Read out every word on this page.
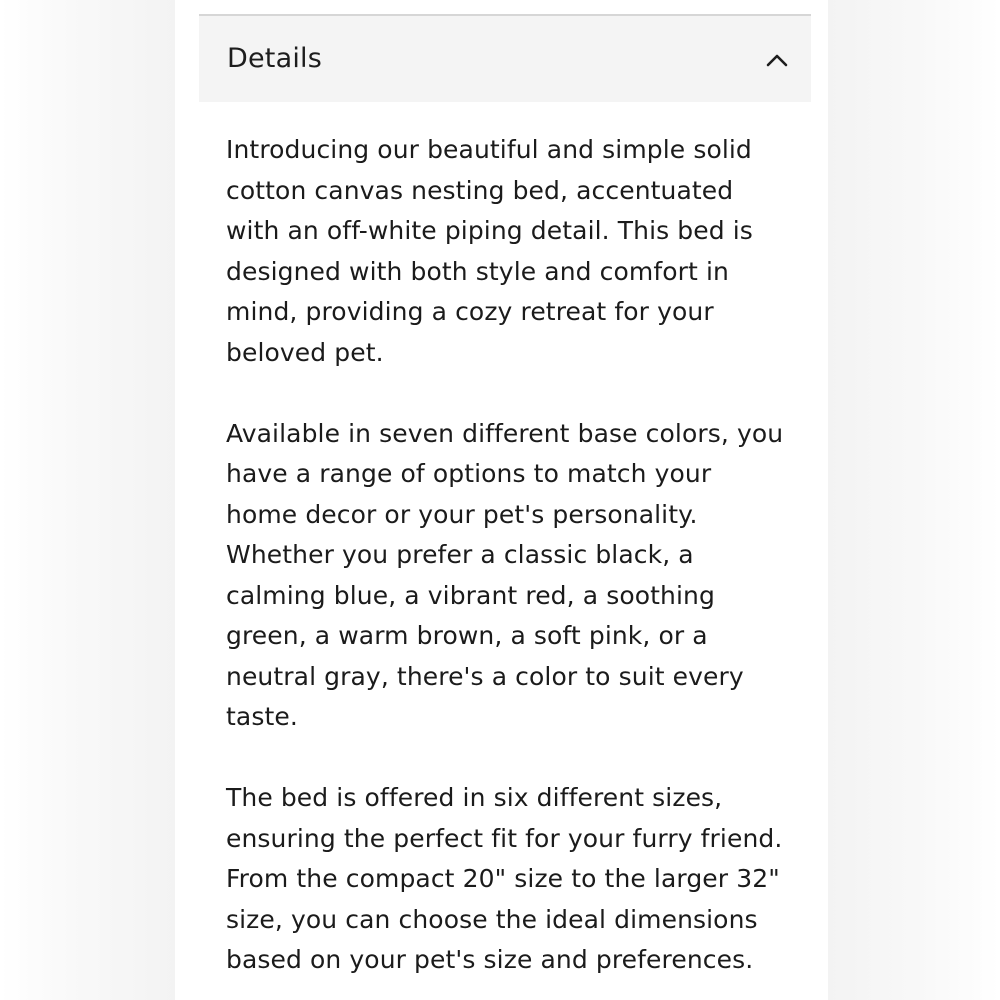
Details

Introducing our beautiful and simple solid
cotton canvas nesting bed, accentuated
with an off-white piping detail. This bed is
designed with both style and comfort in
mind, providing a cozy retreat for your
beloved pet.

Available in seven different base colors, you
have a range of options to match your
home decor or your pet's personality.
Whether you prefer a classic black, a
calming blue, a vibrant red, a soothing
green, a warm brown, a soft pink, or a
neutral gray, there's a color to suit every
taste.

The bed is offered in six different sizes,
ensuring the perfect fit for your furry friend.
From the compact 20" size to the larger 32"
size, you can choose the ideal dimensions
based on your pet's size and preferences.
